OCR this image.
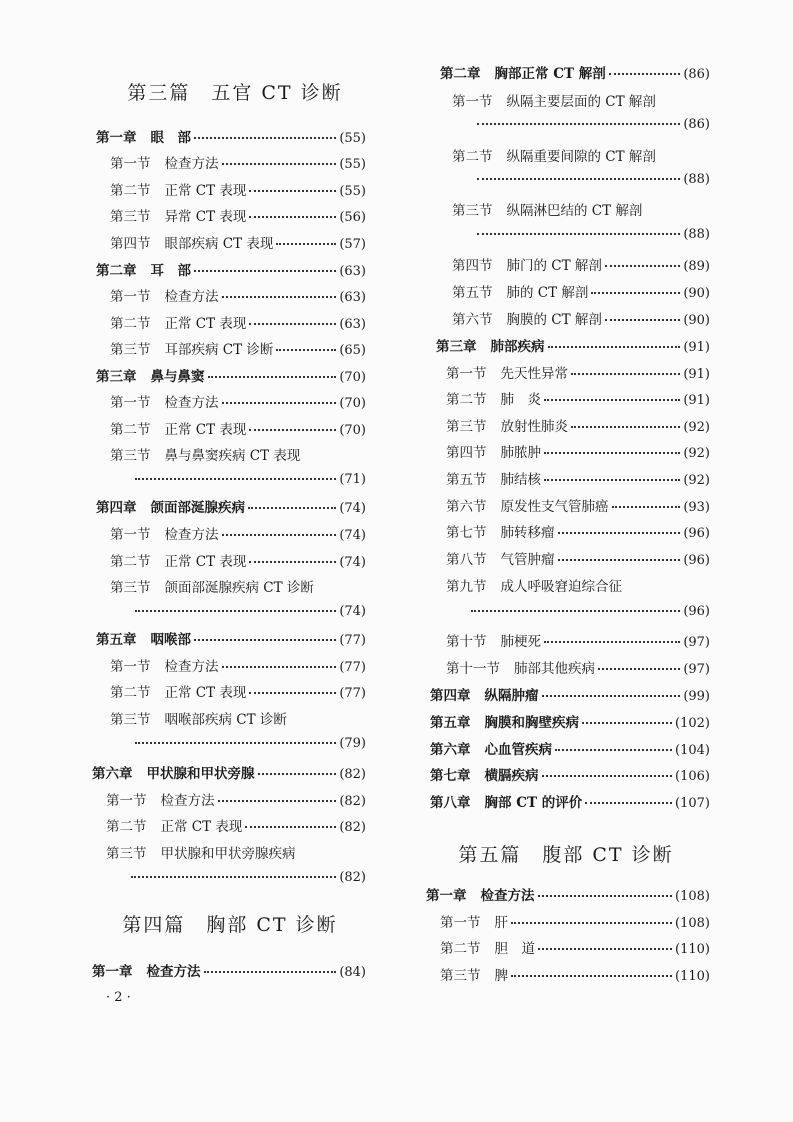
第三篇　五官 CT 诊断
第一章 眼　部	(55)
第一节 检查方法	(55)
第二节 正常 CT 表现	(55)
第三节 异常 CT 表现	(56)
第四节 眼部疾病 CT 表现	(57)
第二章 耳　部	(63)
第一节 检查方法	(63)
第二节 正常 CT 表现	(63)
第三节 耳部疾病 CT 诊断	(65)
第三章 鼻与鼻窦	(70)
第一节 检查方法	(70)
第二节 正常 CT 表现	(70)
第三节 鼻与鼻窦疾病 CT 表现
(71)
第四章 颌面部涎腺疾病	(74)
第一节 检查方法	(74)
第二节 正常 CT 表现	(74)
第三节 颌面部涎腺疾病 CT 诊断
(74)
第五章 咽喉部	(77)
第一节 检查方法	(77)
第二节 正常 CT 表现	(77)
第三节 咽喉部疾病 CT 诊断
(79)
第六章 甲状腺和甲状旁腺	(82)
第一节 检查方法	(82)
第二节 正常 CT 表现	(82)
第三节 甲状腺和甲状旁腺疾病
(82)
第一章 检查方法	(84)
第四篇　胸部 CT 诊断
· 2 ·
第二章 胸部正常 CT 解剖	(86)
第一节 纵隔主要层面的 CT 解剖
(86)
第二节 纵隔重要间隙的 CT 解剖
(88)
第三节 纵隔淋巴结的 CT 解剖
(88)
第四节 肺门的 CT 解剖	(89)
第五节 肺的 CT 解剖	(90)
第六节 胸膜的 CT 解剖	(90)
第三章 肺部疾病	(91)
第一节 先天性异常	(91)
第二节 肺　炎	(91)
第三节 放射性肺炎	(92)
第四节 肺脓肿	(92)
第五节 肺结核	(92)
第六节 原发性支气管肺癌	(93)
第七节 肺转移瘤	(96)
第八节 气管肿瘤	(96)
第九节 成人呼吸窘迫综合征
(96)
第十节 肺梗死	(97)
第十一节 肺部其他疾病	(97)
第四章 纵隔肿瘤	(99)
第五章 胸膜和胸壁疾病	(102)
第六章 心血管疾病	(104)
第七章 横膈疾病	(106)
第八章 胸部 CT 的评价	(107)
第一章 检查方法	(108)
第一节 肝	(108)
第二节 胆　道	(110)
第三节 脾	(110)
第五篇　腹部 CT 诊断
